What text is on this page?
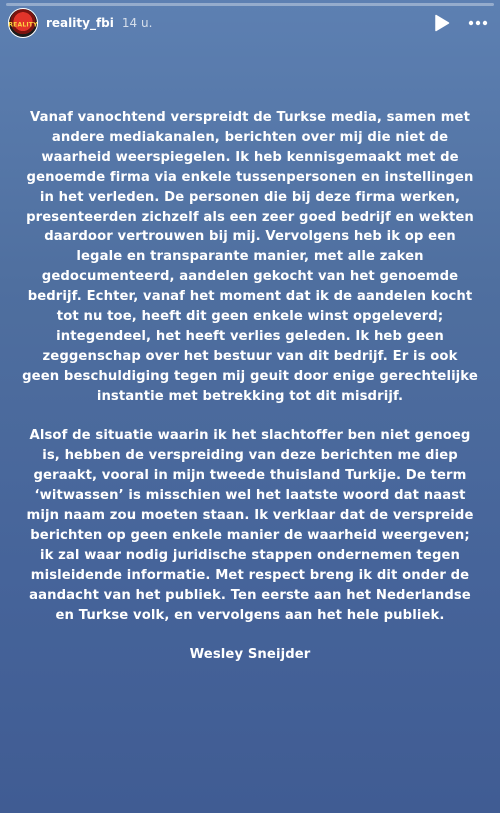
REALITY reality_fbi 14 u.

Vanaf vanochtend verspreidt de Turkse media, samen met andere mediakanalen, berichten over mij die niet de waarheid weerspiegelen. Ik heb kennisgemaakt met de genoemde firma via enkele tussenpersonen en instellingen in het verleden. De personen die bij deze firma werken, presenteerden zichzelf als een zeer goed bedrijf en wekten daardoor vertrouwen bij mij. Vervolgens heb ik op een legale en transparante manier, met alle zaken gedocumenteerd, aandelen gekocht van het genoemde bedrijf. Echter, vanaf het moment dat ik de aandelen kocht tot nu toe, heeft dit geen enkele winst opgeleverd; integendeel, het heeft verlies geleden. Ik heb geen zeggenschap over het bestuur van dit bedrijf. Er is ook geen beschuldiging tegen mij geuit door enige gerechtelijke instantie met betrekking tot dit misdrijf.

Alsof de situatie waarin ik het slachtoffer ben niet genoeg is, hebben de verspreiding van deze berichten me diep geraakt, vooral in mijn tweede thuisland Turkije. De term ‘witwassen’ is misschien wel het laatste woord dat naast mijn naam zou moeten staan. Ik verklaar dat de verspreide berichten op geen enkele manier de waarheid weergeven; ik zal waar nodig juridische stappen ondernemen tegen misleidende informatie. Met respect breng ik dit onder de aandacht van het publiek. Ten eerste aan het Nederlandse en Turkse volk, en vervolgens aan het hele publiek.

Wesley Sneijder
